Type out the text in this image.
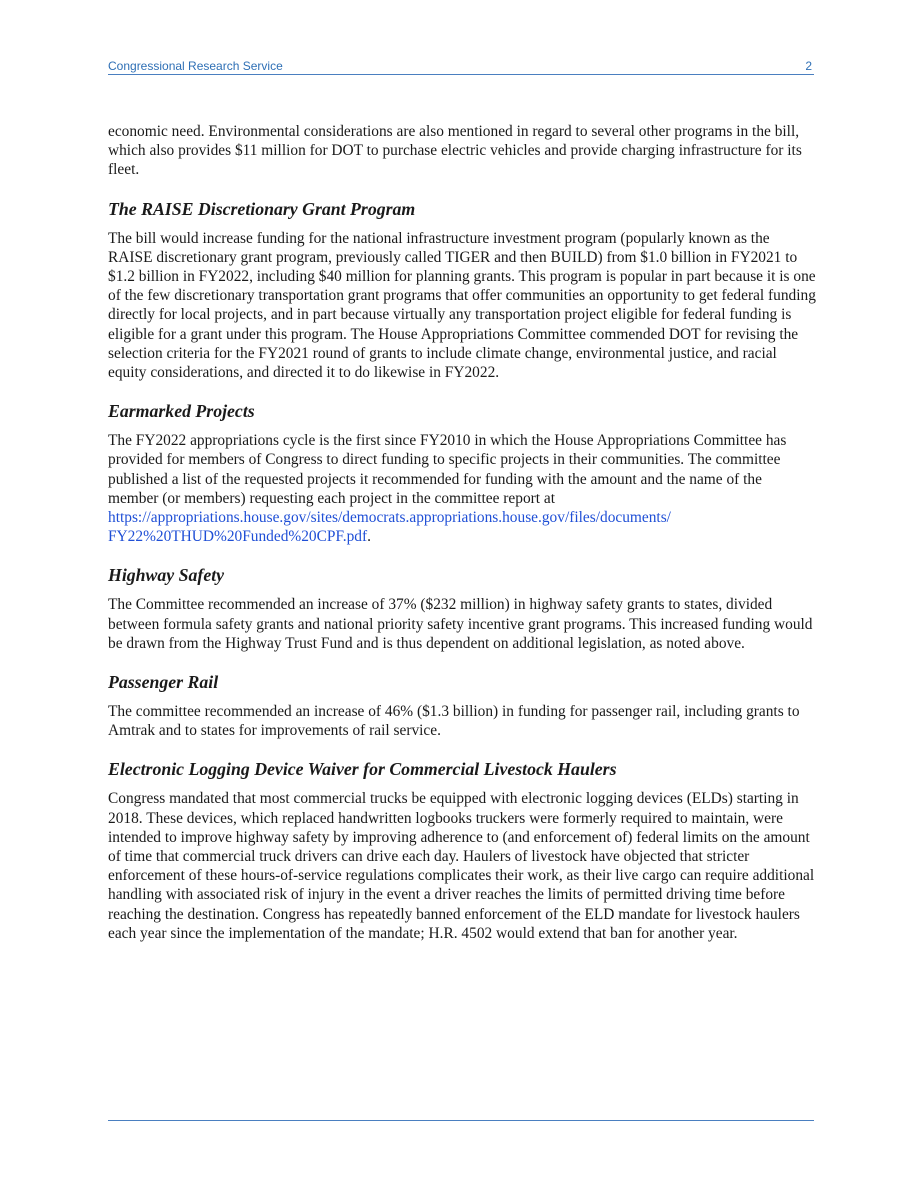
Congressional Research Service	2

economic need. Environmental considerations are also mentioned in regard to several other programs in the bill, which also provides $11 million for DOT to purchase electric vehicles and provide charging infrastructure for its fleet.

The RAISE Discretionary Grant Program

The bill would increase funding for the national infrastructure investment program (popularly known as the RAISE discretionary grant program, previously called TIGER and then BUILD) from $1.0 billion in FY2021 to $1.2 billion in FY2022, including $40 million for planning grants. This program is popular in part because it is one of the few discretionary transportation grant programs that offer communities an opportunity to get federal funding directly for local projects, and in part because virtually any transportation project eligible for federal funding is eligible for a grant under this program. The House Appropriations Committee commended DOT for revising the selection criteria for the FY2021 round of grants to include climate change, environmental justice, and racial equity considerations, and directed it to do likewise in FY2022.

Earmarked Projects

The FY2022 appropriations cycle is the first since FY2010 in which the House Appropriations Committee has provided for members of Congress to direct funding to specific projects in their communities. The committee published a list of the requested projects it recommended for funding with the amount and the name of the member (or members) requesting each project in the committee report at
https://appropriations.house.gov/sites/democrats.appropriations.house.gov/files/documents/
FY22%20THUD%20Funded%20CPF.pdf.

Highway Safety

The Committee recommended an increase of 37% ($232 million) in highway safety grants to states, divided between formula safety grants and national priority safety incentive grant programs. This increased funding would be drawn from the Highway Trust Fund and is thus dependent on additional legislation, as noted above.

Passenger Rail

The committee recommended an increase of 46% ($1.3 billion) in funding for passenger rail, including grants to Amtrak and to states for improvements of rail service.

Electronic Logging Device Waiver for Commercial Livestock Haulers

Congress mandated that most commercial trucks be equipped with electronic logging devices (ELDs) starting in 2018. These devices, which replaced handwritten logbooks truckers were formerly required to maintain, were intended to improve highway safety by improving adherence to (and enforcement of) federal limits on the amount of time that commercial truck drivers can drive each day. Haulers of livestock have objected that stricter enforcement of these hours-of-service regulations complicates their work, as their live cargo can require additional handling with associated risk of injury in the event a driver reaches the limits of permitted driving time before reaching the destination. Congress has repeatedly banned enforcement of the ELD mandate for livestock haulers each year since the implementation of the mandate; H.R. 4502 would extend that ban for another year.
